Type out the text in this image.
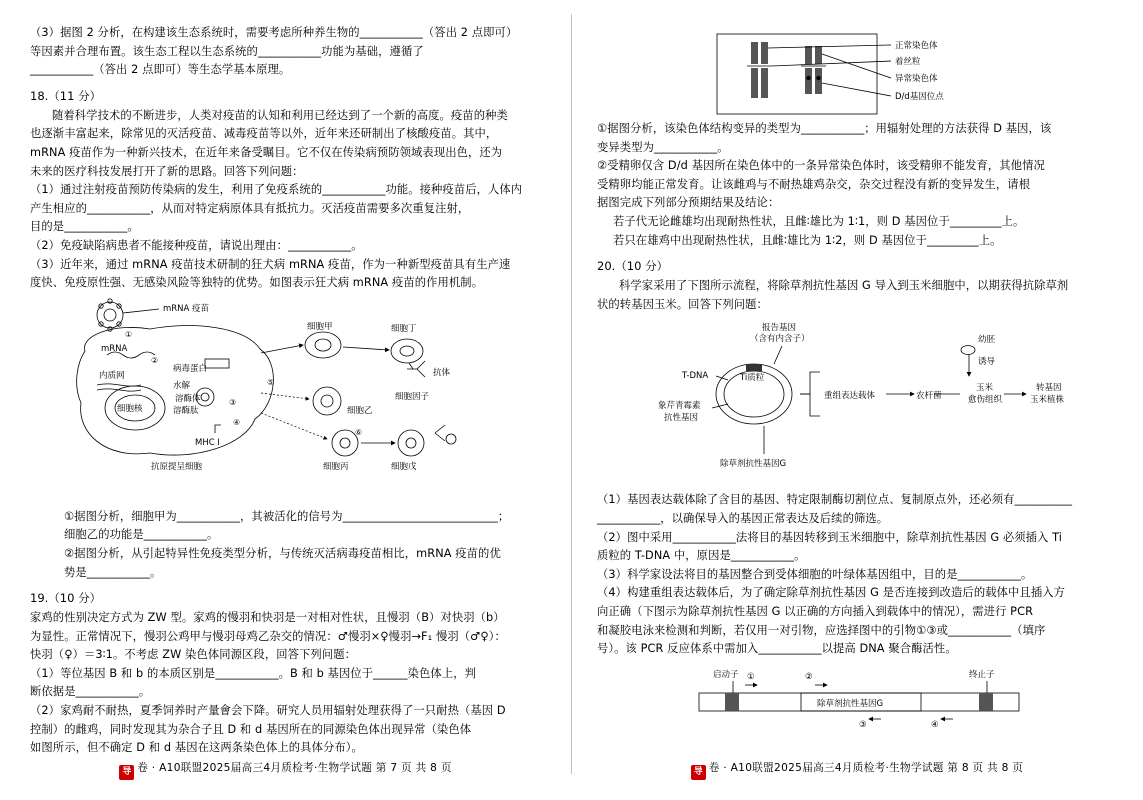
（3）据图 2 分析，在构建该生态系统时，需要考虑所种养生物的___________（答出 2 点即可）

等因素并合理布置。该生态工程以生态系统的___________功能为基础，遵循了

___________（答出 2 点即可）等生态学基本原理。

18.（11 分）

随着科学技术的不断进步，人类对疫苗的认知和利用已经达到了一个新的高度。疫苗的种类

也逐渐丰富起来，除常见的灭活疫苗、减毒疫苗等以外，近年来还研制出了核酸疫苗。其中，

mRNA 疫苗作为一种新兴技术，在近年来备受瞩目。它不仅在传染病预防领域表现出色，还为

未来的医疗科技发展打开了新的思路。回答下列问题：

（1）通过注射疫苗预防传染病的发生，利用了免疫系统的___________功能。接种疫苗后，人体内

产生相应的___________，从而对特定病原体具有抵抗力。灭活疫苗需要多次重复注射，

目的是___________。

（2）免疫缺陷病患者不能接种疫苗，请说出理由：___________。

（3）近年来，通过 mRNA 疫苗技术研制的狂犬病 mRNA 疫苗，作为一种新型疫苗具有生产速

度快、免疫原性强、无感染风险等独特的优势。如图表示狂犬病 mRNA 疫苗的作用机制。

mRNA 疫苗
细胞核
内质网
水解
溶酶体
溶酶肽
病毒蛋白
mRNA
②
①
③
④
⑤
⑥
MHC I
抗原提呈细胞
细胞甲	细胞丁
抗体
细胞乙
细胞因子
细胞丙	细胞戊

①据图分析，细胞甲为___________，其被活化的信号为___________________________；

细胞乙的功能是___________。

②据图分析，从引起特异性免疫类型分析，与传统灭活病毒疫苗相比，mRNA 疫苗的优

势是___________。

19.（10 分）

家鸡的性别决定方式为 ZW 型。家鸡的慢羽和快羽是一对相对性状，且慢羽（B）对快羽（b）

为显性。正常情况下，慢羽公鸡甲与慢羽母鸡乙杂交的情况：♂慢羽×♀慢羽→F₁ 慢羽（♂♀）：

快羽（♀）＝3∶1。不考虑 ZW 染色体同源区段，回答下列问题：

（1）等位基因 B 和 b 的本质区别是___________。B 和 b 基因位于______染色体上，判

断依据是___________。

（2）家鸡耐不耐热，夏季饲养时产量會会下降。研究人员用辐射处理获得了一只耐热（基因 D

控制）的雌鸡，同时发现其为杂合子且 D 和 d 基因所在的同源染色体出现异常（染色体

如图所示，但不确定 D 和 d 基因在这两条染色体上的具体分布）。

导 卷 · A10联盟2025届高三4月质检考·生物学试题 第 7 页 共 8 页
正常染色体
着丝粒
异常染色体
D/d基因位点

①据图分析，该染色体结构变异的类型为___________；用辐射处理的方法获得 D 基因，该

变异类型为___________。

②受精卵仅含 D/d 基因所在染色体中的一条异常染色体时，该受精卵不能发育，其他情况

受精卵均能正常发育。让该雌鸡与不耐热雄鸡杂交，杂交过程没有新的变异发生，请根

据图完成下列部分预期结果及结论：

若子代无论雌雄均出现耐热性状，且雌∶雄比为 1∶1，则 D 基因位于_________上。

若只在雄鸡中出现耐热性状，且雌∶雄比为 1∶2，则 D 基因位于_________上。

20.（10 分）

科学家采用了下图所示流程，将除草剂抗性基因 G 导入到玉米细胞中，以期获得抗除草剂

状的转基因玉米。回答下列问题：

报告基因
（含有内含子）
Ti质粒
T-DNA
象芹青霉素
抗性基因
除草剂抗性基因G
重组表达载体	农杆菌
幼胚
诱导
玉米
愈伤组织
转基因
玉米植株

（1）基因表达载体除了含目的基因、特定限制酶切割位点、复制原点外，还必须有__________

___________，以确保导入的基因正常表达及后续的筛选。

（2）图中采用___________法将目的基因转移到玉米细胞中，除草剂抗性基因 G 必须插入 Ti

质粒的 T-DNA 中，原因是___________。

（3）科学家设法将目的基因整合到受体细胞的叶绿体基因组中，目的是___________。

（4）构建重组表达载体后，为了确定除草剂抗性基因 G 是否连接到改造后的载体中且插入方

向正确（下图示为除草剂抗性基因 G 以正确的方向插入到载体中的情况），需进行 PCR

和凝胶电泳来检测和判断，若仅用一对引物，应选择图中的引物①③或___________（填序

号）。该 PCR 反应体系中需加入___________以提高 DNA 聚合酶活性。

启动子	终止子
①	②
除草剂抗性基因G
③	④
导 卷 · A10联盟2025届高三4月质检考·生物学试题 第 8 页 共 8 页
